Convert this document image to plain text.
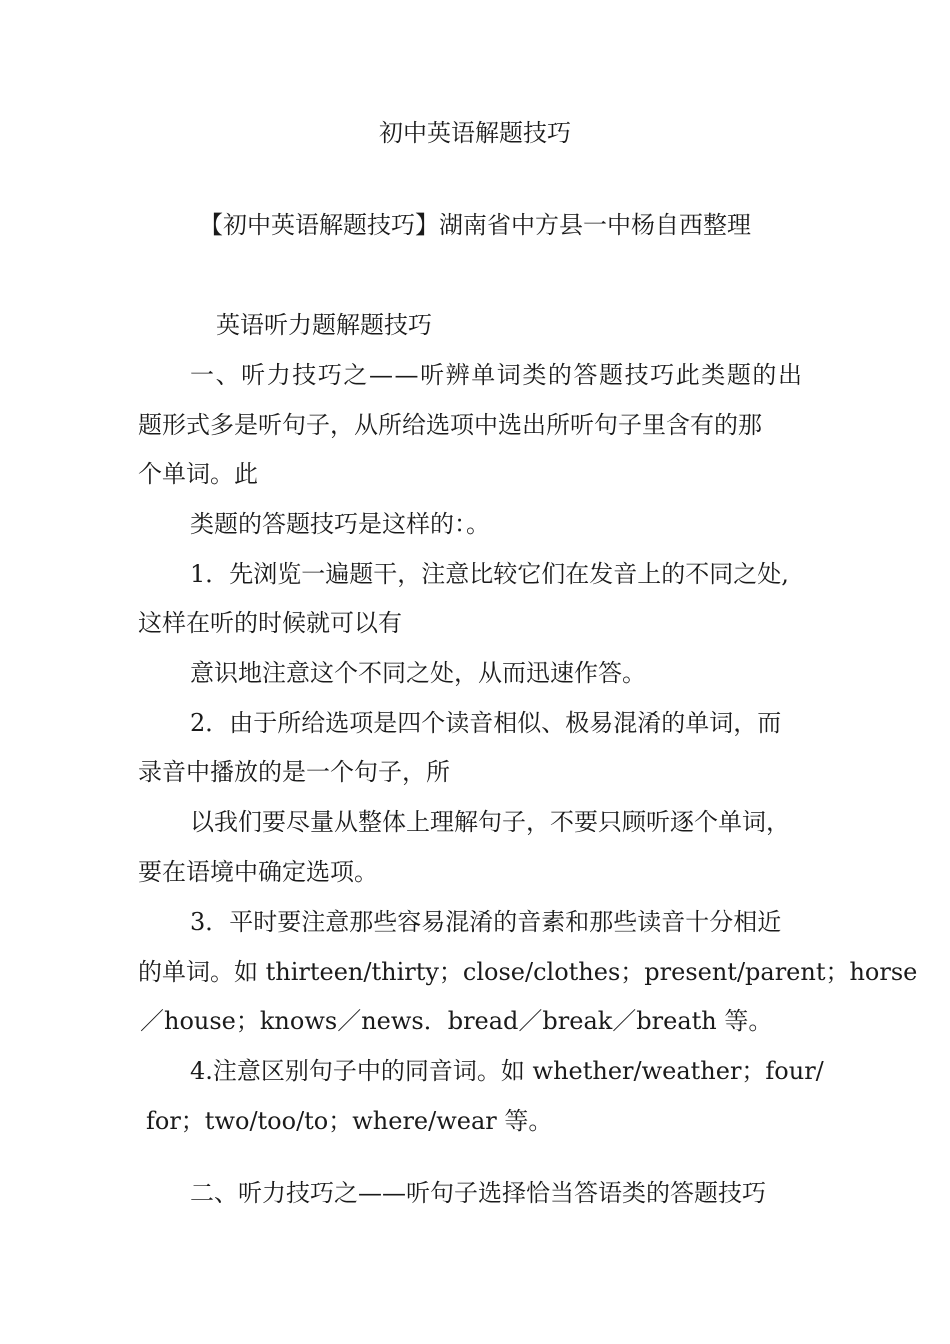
初中英语解题技巧
【初中英语解题技巧】湖南省中方县一中杨自西整理
英语听力题解题技巧
一 、 听 力 技 巧 之 — — 听 辨 单 词 类 的 答 题 技 巧 此 类 题 的 出
题形式多是听句子，从所给选项中选出所听句子里含有的那
个单词。此
类题的答题技巧是这样的：。
1．先浏览一遍题干，注意比较它们在发音上的不同之处,
这样在听的时候就可以有
意识地注意这个不同之处，从而迅速作答。
2．由于所给选项是四个读音相似、极易混淆的单词，而
录音中播放的是一个句子，所
以我们要尽量从整体上理解句子，不要只顾听逐个单词，
要在语境中确定选项。
3．平时要注意那些容易混淆的音素和那些读音十分相近
的单词。如 thirteen/thirty；close/clothes；present/parent；horse
／house；knows／news．bread／break／breath 等。
4.注意区别句子中的同音词。如 whether/weather；four/
for；two/too/to；where/wear 等。
二、听力技巧之——听句子选择恰当答语类的答题技巧
